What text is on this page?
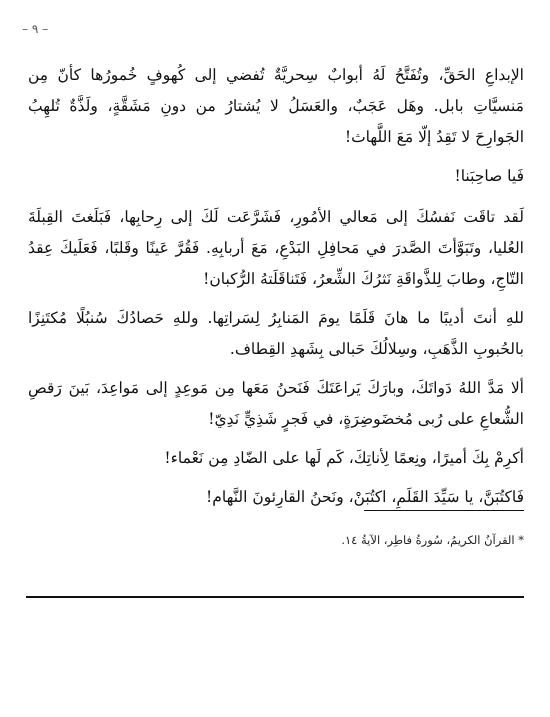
– ٩ –

الإبداعِ الحَقِّ، وتُفَتَّحُ لَهُ أبوابٌ سِحريَّةٌ تُفضي إلى كُهوفٍ خُمورُها كأنّ مِن مَنسيَّاتِ بابل. وهَل عَجَبٌ، والعَسَلُ لا يُشتارُ من دونِ مَشَقَّةٍ، ولَذَّةٌ تُلهِبُ الجَوارِحَ لا تَقِدُ إلّا مَعَ اللَّهاث!

فَيا صاحِبَنا!

لَقد تاقَت نَفسُكَ إلى مَعالي الأمُورِ، فَشَرَّعَت لَكَ إلى رِحابِها، فَبَلَغتَ القِبلَةَ العُليا، وتَبَوَّأتَ الصَّدرَ في مَحافِلِ البَدْعِ، مَعَ أربابِهِ. فَقُرَّ عَينًا وقَلبًا، فَعَلَيكَ عِقدُ التّاجِ، وطابَ لِلذَّواقَةِ نَثرُكَ الشِّعرُ، فَتَناقَلَتهُ الرُّكبان!

للهِ أنتَ أديبًا ما هانَ قَلَمًا يومَ المَنابِرُ لِسَراتِها. وللهِ حَصادُكَ سُنبُلًا مُكتَنِزًا بالحُبوبِ الذَّهَبِ، وسِلالُكَ حَبالى بِشَهدِ القِطاف.

ألا مَدَّ اللهُ دَواتَكَ، وبارَكَ يَراعَتَكَ فَنَحنُ مَعَها مِن مَوعِدٍ إلى مَواعِدَ، بَينَ رَقصِ الشُّعاعِ على رُبى مُخضَوضِرَةٍ، في فَجرٍ شَذِيٍّ نَدِيّ!

أكرِمْ بِكَ أميرًا، ونِعمًا لِأناتِكَ، كَم لَها على الضّادِ مِن نَعْماء!

فَاكتُبَنَّ، يا سَيِّدَ القَلَمِ، اكتُبَنْ، ونَحنُ القارِئونَ النَّهام!

* القرآنُ الكريمُ، سُورةُ فاطِر، الآيةُ ١٤.
